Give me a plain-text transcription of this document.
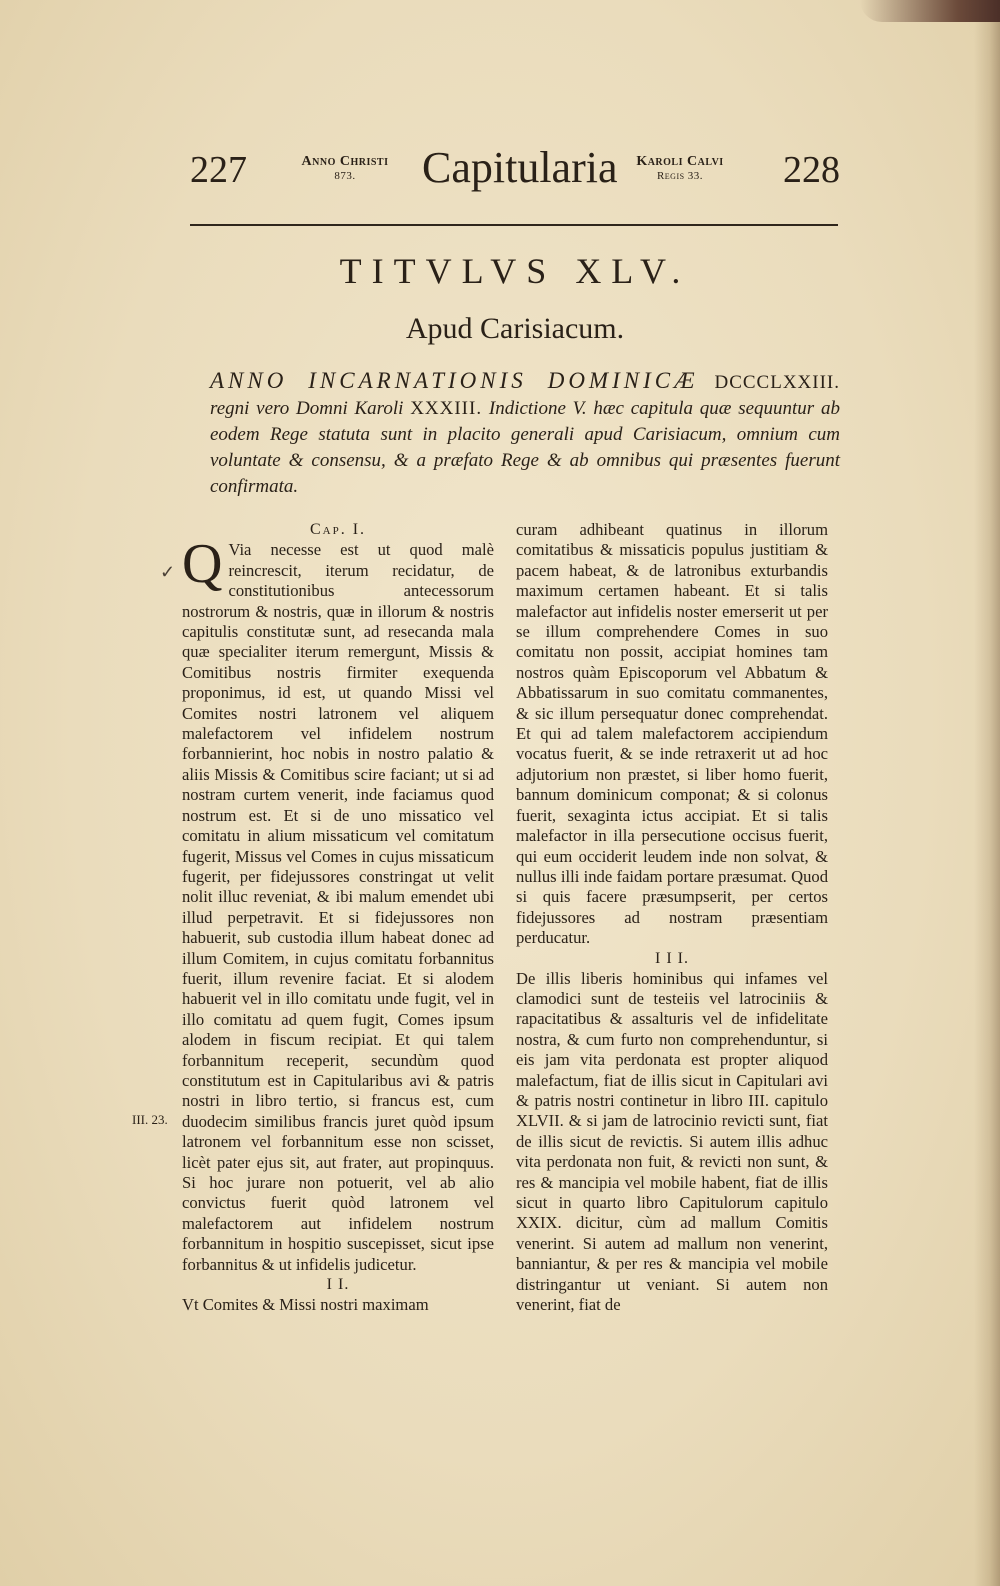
227	Anno Christi
873.	Capitularia	Karoli Calvi
Regis 33.	228
TITVLVS XLV.
Apud Carisiacum.
ANNO INCARNATIONIS DOMINICÆ DCCCLXXIII. regni vero Domni Karoli XXXIII. Indictione V. hæc capitula quæ sequuntur ab eodem Rege statuta sunt in placito generali apud Carisiacum, omnium cum voluntate & consensu, & a præfato Rege & ab omnibus qui præsentes fuerunt confirmata.
✓

Cap. I.

Q Via necesse est ut quod malè reincrescit, iterum recidatur, de constitutionibus antecessorum nostrorum & nostris, quæ in illorum & nostris capitulis constitutæ sunt, ad resecanda mala quæ specialiter iterum remergunt, Missis & Comitibus nostris firmiter exequenda proponimus, id est, ut quando Missi vel Comites nostri latronem vel aliquem malefactorem vel infidelem nostrum forbannierint, hoc nobis in nostro palatio & aliis Missis & Comitibus scire faciant; ut si ad nostram curtem venerit, inde faciamus quod nostrum est. Et si de uno missatico vel comitatu in alium missaticum vel comitatum fugerit, Missus vel Comes in cujus missaticum fugerit, per fidejussores constringat ut velit nolit illuc reveniat, & ibi malum emendet ubi illud perpetravit. Et si fidejussores non habuerit, sub custodia illum habeat donec ad illum Comitem, in cujus comitatu forbannitus fuerit, illum revenire faciat. Et si alodem habuerit vel in illo comitatu unde fugit, vel in illo comitatu ad quem fugit, Comes ipsum alodem in fiscum recipiat. Et qui talem forbannitum receperit, secundùm quod constitutum est in Capitularibus avi & patris nostri in libro tertio, si francus est, cum duodecim similibus francis juret quòd ipsum latronem vel forbannitum esse non scisset, licèt pater ejus sit, aut frater, aut propinquus. Si hoc jurare non potuerit, vel ab alio convictus fuerit quòd latronem vel malefactorem aut infidelem nostrum forbannitum in hospitio suscepisset, sicut ipse forbannitus & ut infidelis judicetur.

I I.

Vt Comites & Missi nostri maximam

III. 23.

curam adhibeant quatinus in illorum comitatibus & missaticis populus justitiam & pacem habeat, & de latronibus exturbandis maximum certamen habeant. Et si talis malefactor aut infidelis noster emerserit ut per se illum comprehendere Comes in suo comitatu non possit, accipiat homines tam nostros quàm Episcoporum vel Abbatum & Abbatissarum in suo comitatu commanentes, & sic illum persequatur donec comprehendat. Et qui ad talem malefactorem accipiendum vocatus fuerit, & se inde retraxerit ut ad hoc adjutorium non præstet, si liber homo fuerit, bannum dominicum componat; & si colonus fuerit, sexaginta ictus accipiat. Et si talis malefactor in illa persecutione occisus fuerit, qui eum occiderit leudem inde non solvat, & nullus illi inde faidam portare præsumat. Quod si quis facere præsumpserit, per certos fidejussores ad nostram præsentiam perducatur.

I I I.

De illis liberis hominibus qui infames vel clamodici sunt de testeiis vel latrociniis & rapacitatibus & assalturis vel de infidelitate nostra, & cum furto non comprehenduntur, si eis jam vita perdonata est propter aliquod malefactum, fiat de illis sicut in Capitulari avi & patris nostri continetur in libro III. capitulo XLVII. & si jam de latrocinio revicti sunt, fiat de illis sicut de revictis. Si autem illis adhuc vita perdonata non fuit, & revicti non sunt, & res & mancipia vel mobile habent, fiat de illis sicut in quarto libro Capitulorum capitulo XXIX. dicitur, cùm ad mallum Comitis venerint. Si autem ad mallum non venerint, banniantur, & per res & mancipia vel mobile distringantur ut veniant. Si autem non venerint, fiat de
